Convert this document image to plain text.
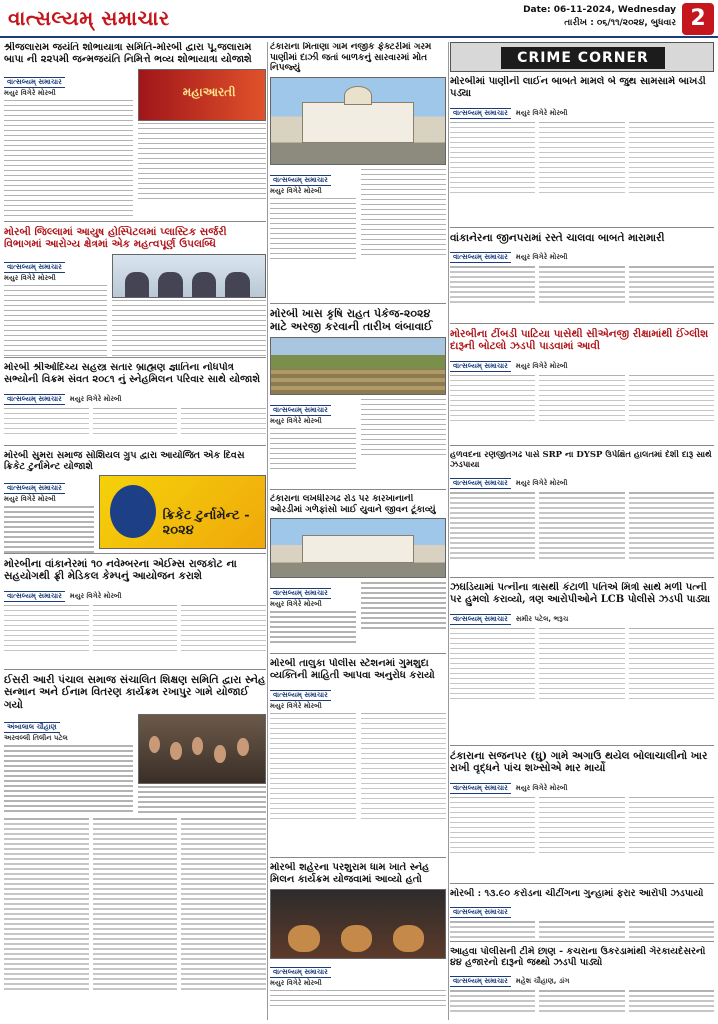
વાત્સલ્યમ્ સમાચાર	Date: 06-11-2024, Wednesday
તારીખ : ૦૬/૧૧/૨૦૨૪, બુધવાર 2
શ્રીજલારામ જયંતિ શોભાયાત્રા સમિતિ-મોરબી દ્વારા પૂ.જલારામ બાપા ની ૨૨૫મી જન્મજયંતિ નિમિત્તે ભવ્ય શોભાયાત્રા યોજાશે
વાત્સલ્યમ્ સમાચાર
મયુર વિગેરે મોરબી	મહાઆરતી
મોરબી જિલ્લામાં આયુષ હોસ્પિટલમાં પ્લાસ્ટિક સર્જરી વિભાગમાં આરોગ્ય ક્ષેત્રમાં એક મહત્વપૂર્ણ ઉપલબ્ધિ
વાત્સલ્યમ્ સમાચાર
મયુર વિગેરે મોરબી
મોરબી શ્રીઓદિચ્ય સહસ્ત્ર સતાર બ્રાહ્મણ જ્ઞાતિના નોધપોત્ર સભ્યોની વિક્રમ સંવત ૨૦૮૧ નું સ્નેહમિલન પરિવાર સાથે યોજાશે
વાત્સલ્યમ્ સમાચાર મયુર વિગેરે મોરબી
મોરબી સુમરા સમાજ સોશિયલ ગ્રુપ દ્વારા આયોજિત એક દિવસ ક્રિકેટ ટુર્નામેન્ટ યોજાશે
વાત્સલ્યમ્ સમાચાર
મયુર વિગેરે મોરબી
ક્રિકેટ ટુર્નામેન્ટ - ૨૦૨૪
મોરબીના વાંકાનેરમાં ૧૦ નવેમ્બરના એઈમ્સ રાજકોટ ના સહયોગથી ફ્રી મેડિકલ કેમ્પનું આયોજન કરાશે
વાત્સલ્યમ્ સમાચાર મયુર વિગેરે મોરબી
ઈસરી આરી પંચાલ સમાજ સંચાલિત શિક્ષણ સમિતિ દ્વારા સ્નેહ સન્માન અને ઈનામ વિતરણ કાર્યક્રમ રખાપુર ગામે યોજાઈ ગયો
અંબાલાલ ચૌહાણ
અરવલ્લી તિલીન પટેલ
ટંકારાના મિતાણા ગામ નજીક ફેક્ટરીમાં ગરમ પાણીમાં દાઝી જતાં બાળકનું સારવારમાં મોત નિપજ્યું
વાત્સલ્યમ્ સમાચાર
મયુર વિગેરે મોરબી
મોરબી ખાસ કૃષિ રાહત પેકેજ-૨૦૨૪ માટે અરજી કરવાની તારીખ લંબાવાઈ
વાત્સલ્યમ્ સમાચાર
મયુર વિગેરે મોરબી
ટંકારાના લખધીરગઢ રોડ પર કારખાનાની ઓરડીમાં ગળેફાંસો ખાઈ યુવાને જીવન ટૂંકાવ્યું
વાત્સલ્યમ્ સમાચાર
મયુર વિગેરે મોરબી
મોરબી તાલુકા પોલીસ સ્ટેશનમાં ગુમશુદા વ્યક્તિની માહિતી આપવા અનુરોધ કરાયો
વાત્સલ્યમ્ સમાચાર
મયુર વિગેરે મોરબી
મોરબી શહેરના પરશુરામ ધામ ખાતે સ્નેહ મિલન કાર્યક્રમ યોજવામાં આવ્યો હતો
વાત્સલ્યમ્ સમાચાર
મયુર વિગેરે મોરબી
CRIME CORNER
મોરબીમાં પાણીની લાઈન બાબતે મામલે બે જુથ સામસામે બાખડી પડ્યા
વાત્સલ્યમ્ સમાચાર મયુર વિગેરે મોરબી
વાંકાનેરના જીનપરામાં રસ્તે ચાલવા બાબતે મારામારી
વાત્સલ્યમ્ સમાચાર મયુર વિગેરે મોરબી
મોરબીના ટીંબડી પાટિયા પાસેથી સીએનજી રીક્ષામાંથી ઈંગ્લીશ દારૂની બોટલો ઝડપી પાડવામાં આવી
વાત્સલ્યમ્ સમાચાર મયુર વિગેરે મોરબી
હળવદના રણજીતગઢ પાસે SRP ના DYSP ઉપેક્ષિત હાલતમાં દેશી દારૂ સાથે ઝડપાયા
વાત્સલ્યમ્ સમાચાર મયુર વિગેરે મોરબી
ઝઘડિયામાં પત્નીના ત્રાસથી કંટાળી પતિએ મિત્રો સાથે મળી પત્ની પર હુમલો કરાવ્યો, ત્રણ આરોપીઓને LCB પોલીસે ઝડપી પાડ્યા
વાત્સલ્યમ્ સમાચાર સમીર પટેલ, ભરૂચ
ટંકારાના સજનપર (ઘુ) ગામે અગાઉ થયેલ બોલાચાલીનો ખાર રાખી વૃદ્ધને પાંચ શખ્સોએ માર માર્યો
વાત્સલ્યમ્ સમાચાર મયુર વિગેરે મોરબી
મોરબી : ૧૩.૯૦ કરોડના ચીટીંગના ગુન્હામાં ફરાર આરોપી ઝડપાયો
વાત્સલ્યમ્ સમાચાર
આહવા પોલીસની ટીમે છાણ - કચરાના ઉકરડામાંથી ગેરકાયદેસરનો ૪૪ હજારનો દારૂનો જથ્થો ઝડપી પાડ્યો
વાત્સલ્યમ્ સમાચાર મહેશ ચૌહાણ, ડાંગ
